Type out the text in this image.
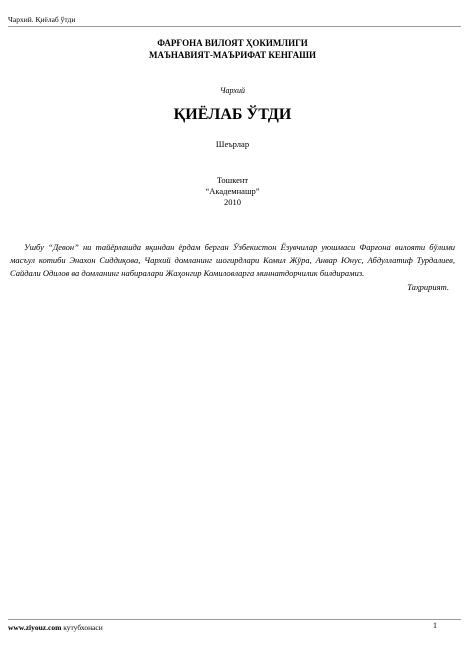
Чархий. Қиёлаб ўтди
ФАРҒОНА ВИЛОЯТ ҲОКИМЛИГИ
МАЪНАВИЯТ-МАЪРИФАТ КЕНГАШИ
Чархий
ҚИЁЛАБ ЎТДИ
Шеърлар
Тошкент
“Академнашр”
2010

Ушбу “Девон” ни тайёрлашда яқиндан ёрдам берган Ўзбекистон Ёзувчилар уюшмаси Фарғона вилояти бўлими масъул котиби Энахон Сиддиқова, Чархий домланинг шогирдлари Комил Жўра, Анвар Юнус, Абдуллатиф Турдалиев, Сайдали Одилов ва домланинг набиралари Жаҳонгир Комиловларга миннатдорчилик билдирамиз.

Таҳририят.

www.ziyouz.com кутубхонаси	1
